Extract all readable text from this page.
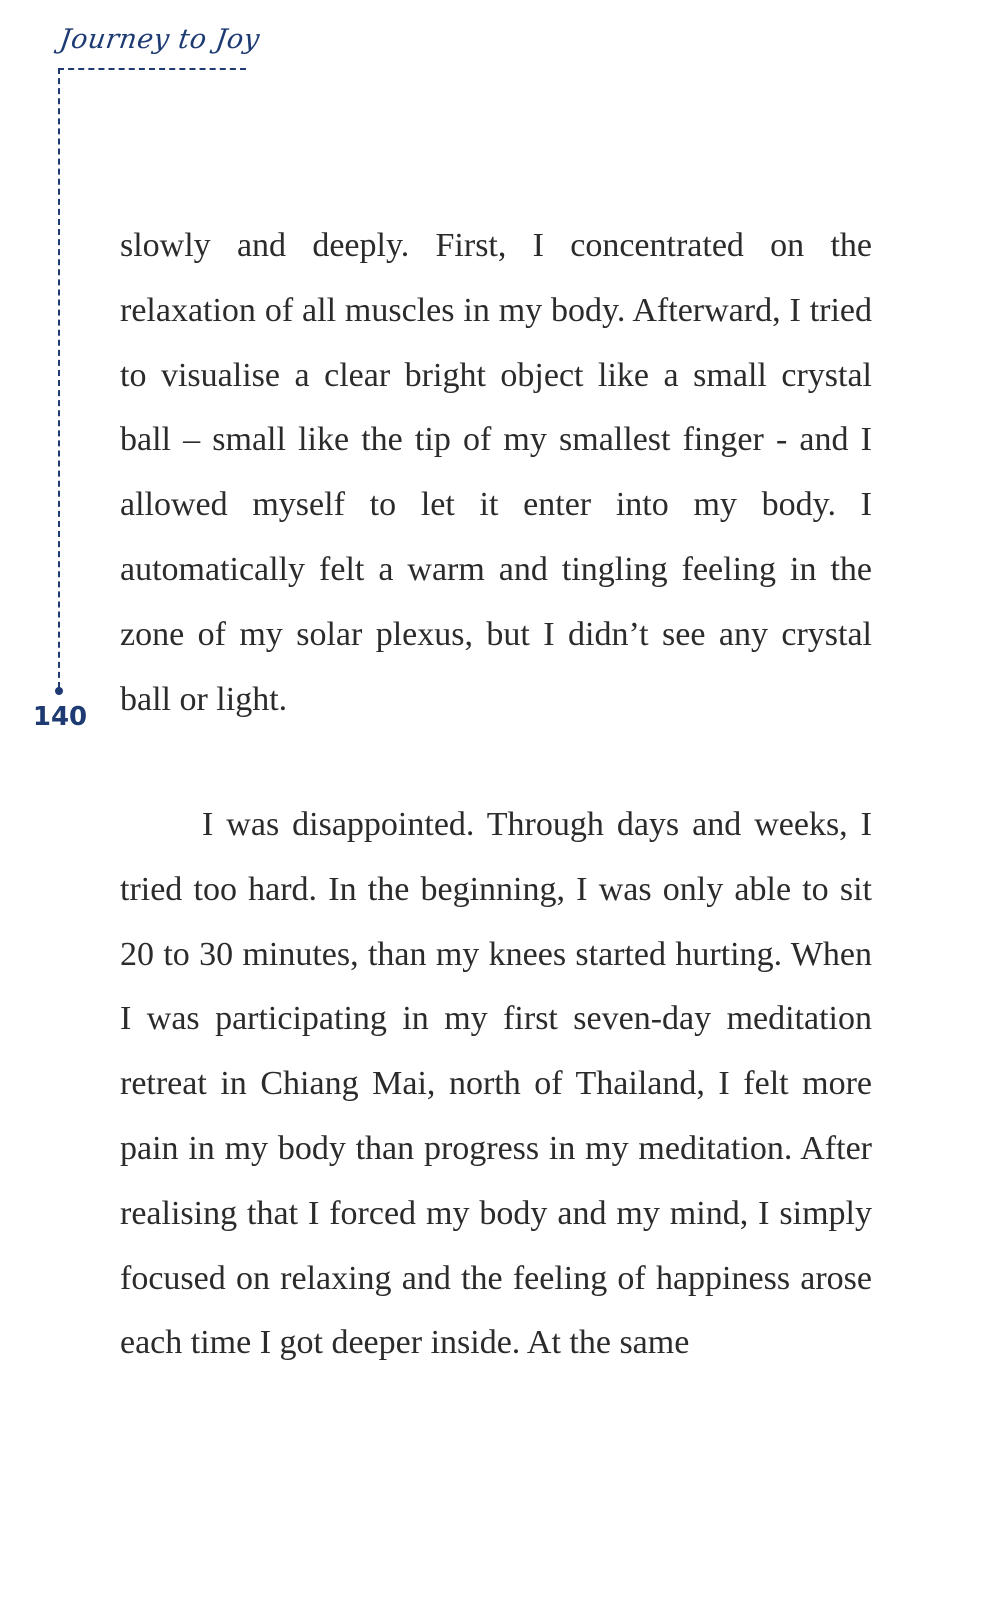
Journey to Joy
140

slowly and deeply. First, I concentrated on the relaxation of all muscles in my body. Afterward, I tried to visualise a clear bright object like a small crystal ball – small like the tip of my smallest finger - and I allowed myself to let it enter into my body. I automatically felt a warm and tingling feeling in the zone of my solar plexus, but I didn’t see any crystal ball or light.

I was disappointed. Through days and weeks, I tried too hard. In the beginning, I was only able to sit 20 to 30 minutes, than my knees started hurting. When I was participating in my first seven-day meditation retreat in Chiang Mai, north of Thailand, I felt more pain in my body than progress in my meditation. After realising that I forced my body and my mind, I simply focused on relaxing and the feeling of happiness arose each time I got deeper inside. At the same
